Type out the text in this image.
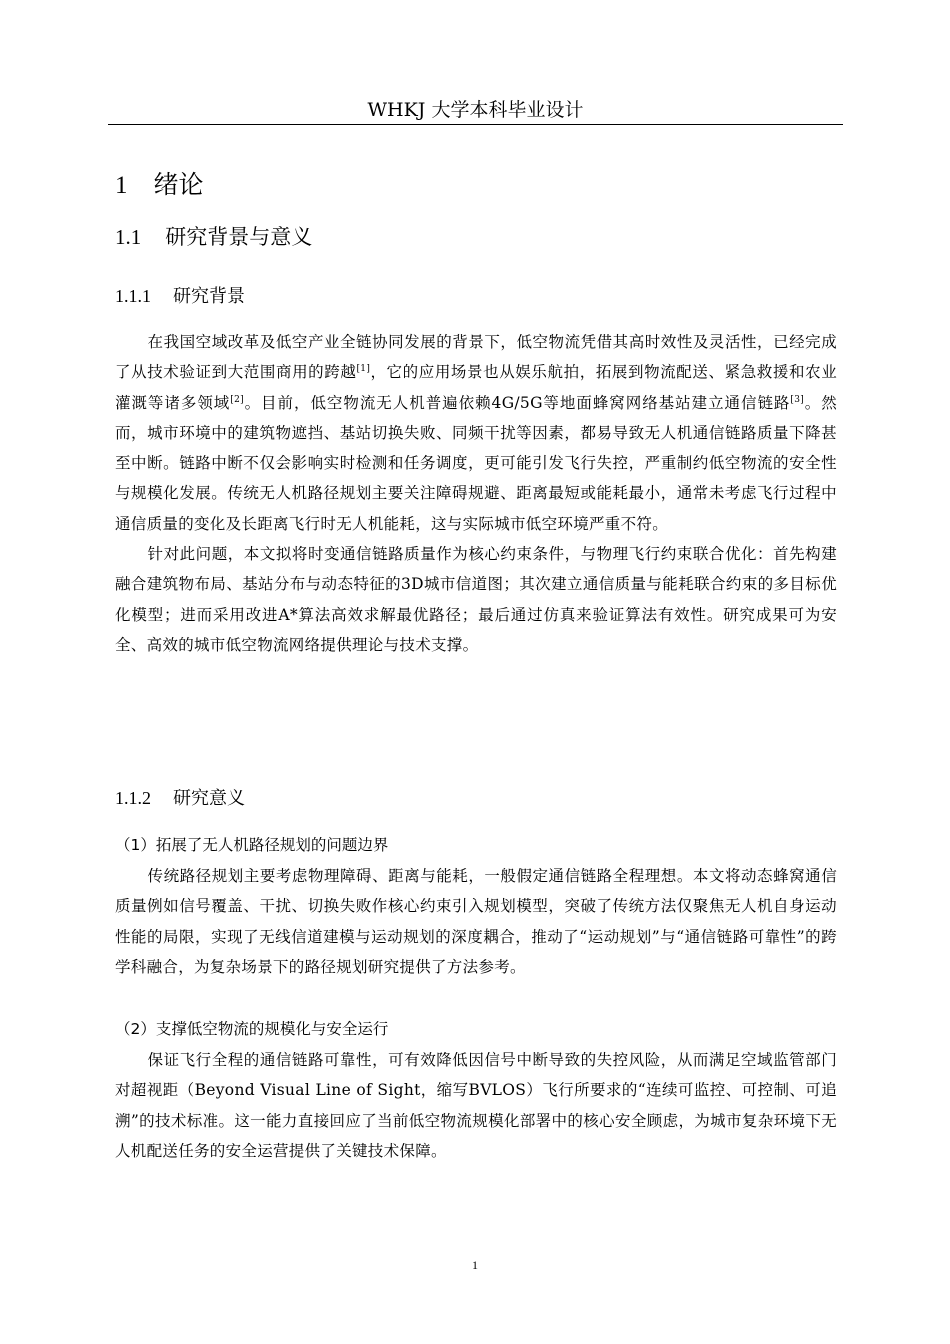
WHKJ 大学本科毕业设计
1 绪论
1.1 研究背景与意义
1.1.1 研究背景

在我国空域改革及低空产业全链协同发展的背景下，低空物流凭借其高时效性及灵活性，已经完成了从技术验证到大范围商用的跨越[1]，它的应用场景也从娱乐航拍，拓展到物流配送、紧急救援和农业灌溉等诸多领域[2]。目前，低空物流无人机普遍依赖4G/5G等地面蜂窝网络基站建立通信链路[3]。然而，城市环境中的建筑物遮挡、基站切换失败、同频干扰等因素，都易导致无人机通信链路质量下降甚至中断。链路中断不仅会影响实时检测和任务调度，更可能引发飞行失控，严重制约低空物流的安全性与规模化发展。传统无人机路径规划主要关注障碍规避、距离最短或能耗最小，通常未考虑飞行过程中通信质量的变化及长距离飞行时无人机能耗，这与实际城市低空环境严重不符。

针对此问题，本文拟将时变通信链路质量作为核心约束条件，与物理飞行约束联合优化：首先构建融合建筑物布局、基站分布与动态特征的3D城市信道图；其次建立通信质量与能耗联合约束的多目标优化模型；进而采用改进A*算法高效求解最优路径；最后通过仿真来验证算法有效性。研究成果可为安全、高效的城市低空物流网络提供理论与技术支撑。

1.1.2 研究意义
（1）拓展了无人机路径规划的问题边界

传统路径规划主要考虑物理障碍、距离与能耗，一般假定通信链路全程理想。本文将动态蜂窝通信质量例如信号覆盖、干扰、切换失败作核心约束引入规划模型，突破了传统方法仅聚焦无人机自身运动性能的局限，实现了无线信道建模与运动规划的深度耦合，推动了“运动规划”与“通信链路可靠性”的跨学科融合，为复杂场景下的路径规划研究提供了方法参考。

（2）支撑低空物流的规模化与安全运行

保证飞行全程的通信链路可靠性，可有效降低因信号中断导致的失控风险，从而满足空域监管部门对超视距（Beyond Visual Line of Sight，缩写BVLOS）飞行所要求的“连续可监控、可控制、可追溯”的技术标准。这一能力直接回应了当前低空物流规模化部署中的核心安全顾虑，为城市复杂环境下无人机配送任务的安全运营提供了关键技术保障。

1
